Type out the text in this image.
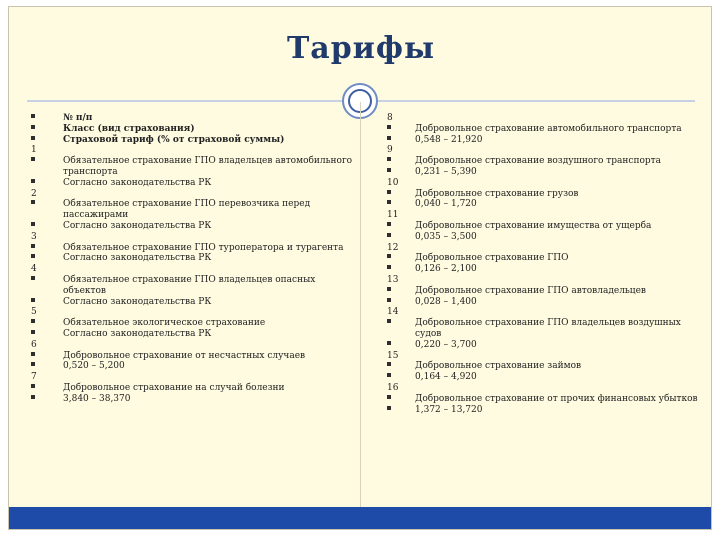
Тарифы
№ п/п
Класс (вид страхования)
Страховой тариф (% от страховой суммы)
1
Обязательное страхование ГПО владельцев автомобильного
транспорта
Согласно законодательства РК
2
Обязательное страхование ГПО перевозчика перед
пассажирами
Согласно законодательства РК
3
Обязательное страхование ГПО туроператора и турагента
Согласно законодательства РК
4
Обязательное страхование ГПО владельцев опасных
объектов
Согласно законодательства РК
5
Обязательное экологическое страхование
Согласно законодательства РК
6
Добровольное страхование от несчастных случаев
0,520 – 5,200
7
Добровольное страхование на случай болезни
3,840 – 38,370
8
Добровольное страхование автомобильного транспорта
0,548 – 21,920
9
Добровольное страхование воздушного транспорта
0,231 – 5,390
10
Добровольное страхование грузов
0,040 – 1,720
11
Добровольное страхование имущества от ущерба
0,035 – 3,500
12
Добровольное страхование ГПО
0,126 – 2,100
13
Добровольное страхование ГПО автовладельцев
0,028 – 1,400
14
Добровольное страхование ГПО владельцев воздушных
судов
0,220 – 3,700
15
Добровольное страхование займов
0,164 – 4,920
16
Добровольное страхование от прочих финансовых убытков
1,372 – 13,720
